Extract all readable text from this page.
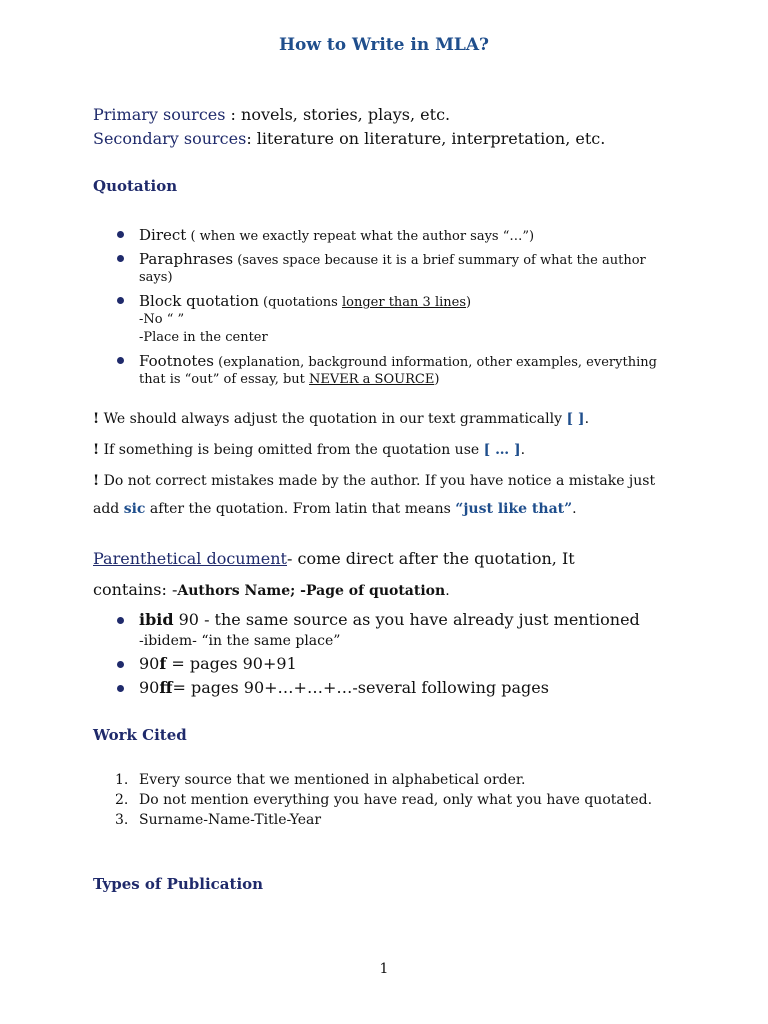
How to Write in MLA?
Primary sources : novels, stories, plays, etc.
Secondary sources: literature on literature, interpretation, etc.
Quotation
Direct ( when we exactly repeat what the author says “…”)
Paraphrases (saves space because it is a brief summary of what the author
says)
Block quotation (quotations longer than 3 lines)
-No “ ”
-Place in the center
Footnotes (explanation, background information, other examples, everything
that is “out” of essay, but NEVER a SOURCE)
! We should always adjust the quotation in our text grammatically [ ].
! If something is being omitted from the quotation use [ … ].
! Do not correct mistakes made by the author. If you have notice a mistake just
add sic after the quotation. From latin that means “just like that”.
Parenthetical document- come direct after the quotation, It
contains: -Authors Name; -Page of quotation.
ibid 90 - the same source as you have already just mentioned
-ibidem- “in the same place”
90f = pages 90+91
90ff= pages 90+…+…+…-several following pages
Work Cited
1. Every source that we mentioned in alphabetical order.
2. Do not mention everything you have read, only what you have quotated.
3. Surname-Name-Title-Year
Types of Publication
1
